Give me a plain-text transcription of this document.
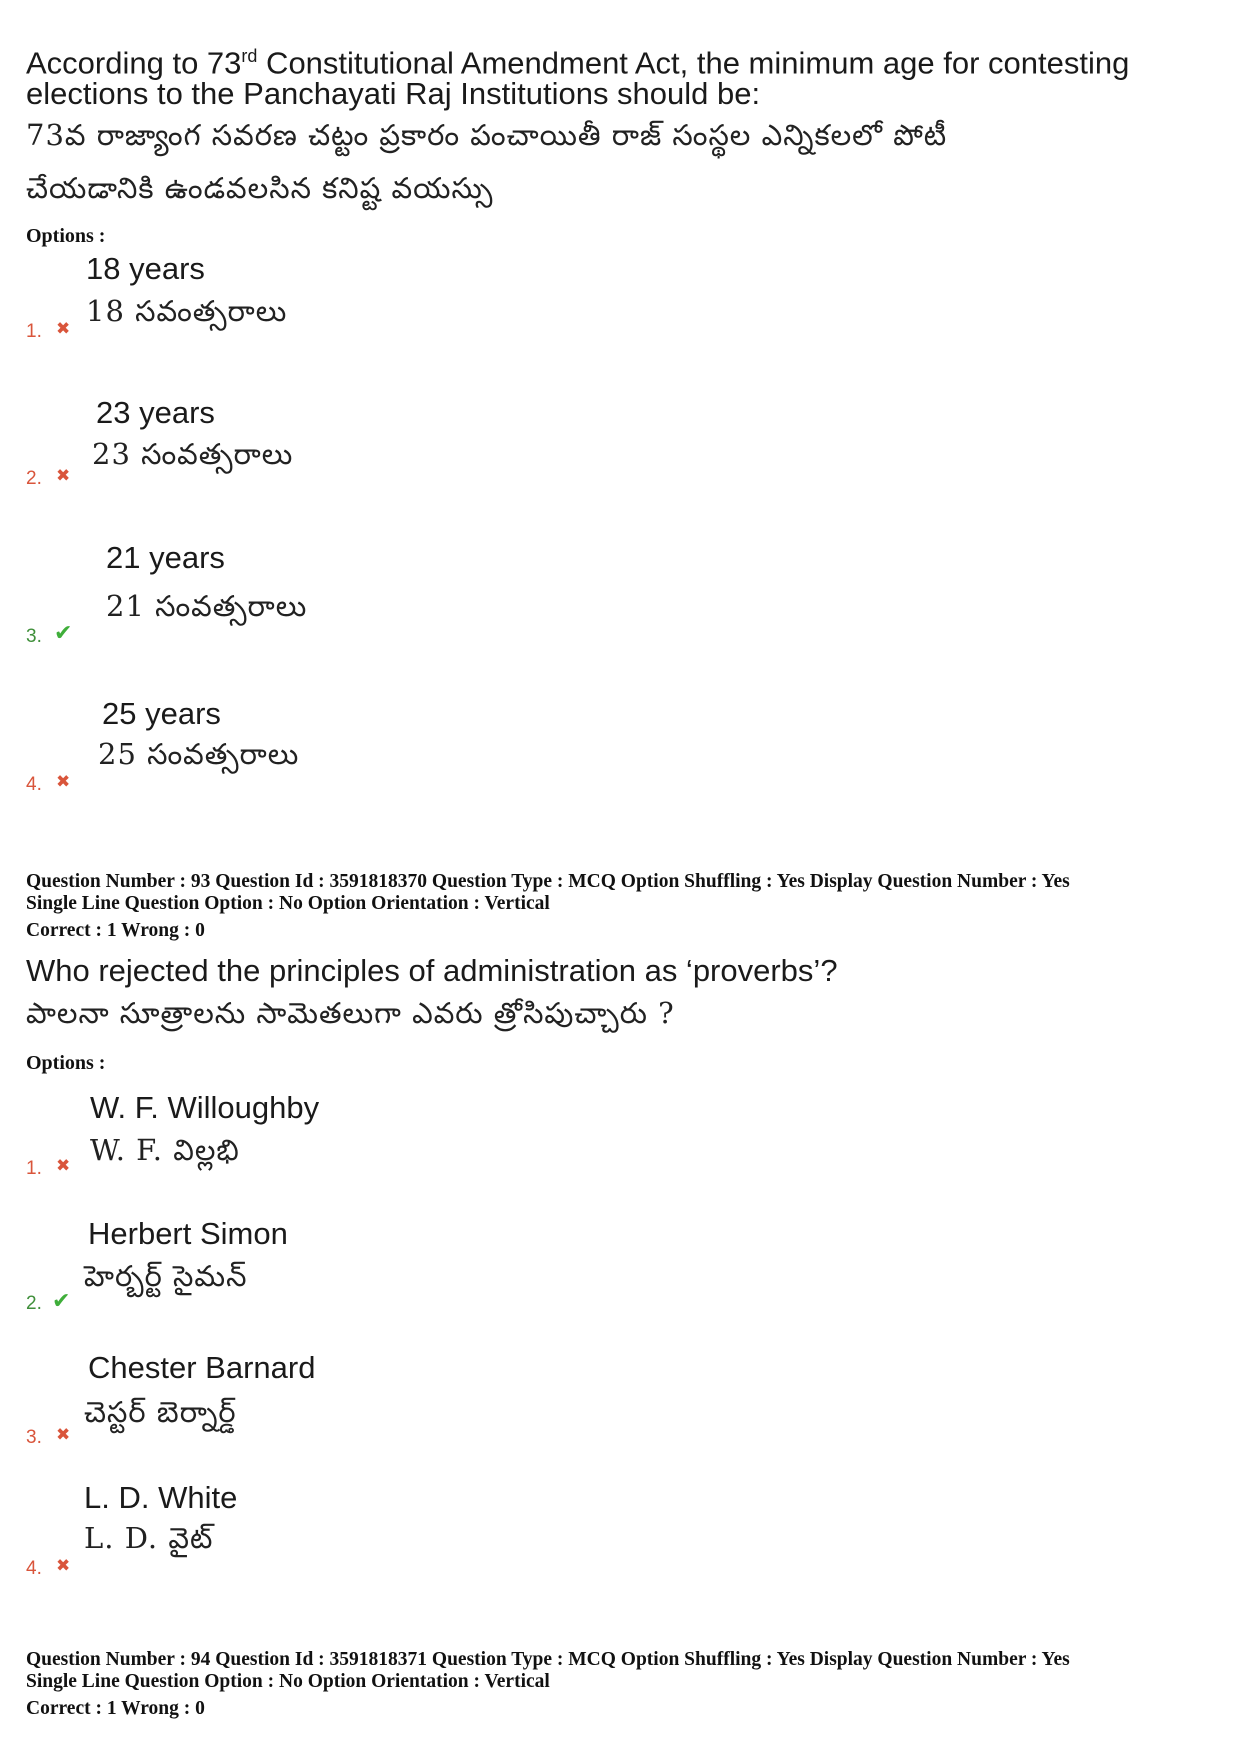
According to 73rd Constitutional Amendment Act, the minimum age for contesting
elections to the Panchayati Raj Institutions should be:
73వ రాజ్యాంగ సవరణ చట్టం ప్రకారం పంచాయితీ రాజ్ సంస్థల ఎన్నికలలో పోటీ
చేయడానికి ఉండవలసిన కనిష్ట వయస్సు
Options :
1. ✖
18 years
18 సవంత్సరాలు
2. ✖
23 years
23 సంవత్సరాలు
3. ✔
21 years
21 సంవత్సరాలు
4. ✖
25 years
25 సంవత్సరాలు
Question Number : 93 Question Id : 3591818370 Question Type : MCQ Option Shuffling : Yes Display Question Number : Yes
Single Line Question Option : No Option Orientation : Vertical
Correct : 1 Wrong : 0
Who rejected the principles of administration as ‘proverbs’?
పాలనా సూత్రాలను సామెతలుగా ఎవరు త్రోసిపుచ్చారు ?
Options :
1. ✖
W. F. Willoughby
W. F. విల్లభి
2. ✔
Herbert Simon
హెర్బర్ట్ సైమన్
3. ✖
Chester Barnard
చెస్టర్ బెర్నార్డ్
4. ✖
L. D. White
L. D. వైట్
Question Number : 94 Question Id : 3591818371 Question Type : MCQ Option Shuffling : Yes Display Question Number : Yes
Single Line Question Option : No Option Orientation : Vertical
Correct : 1 Wrong : 0
